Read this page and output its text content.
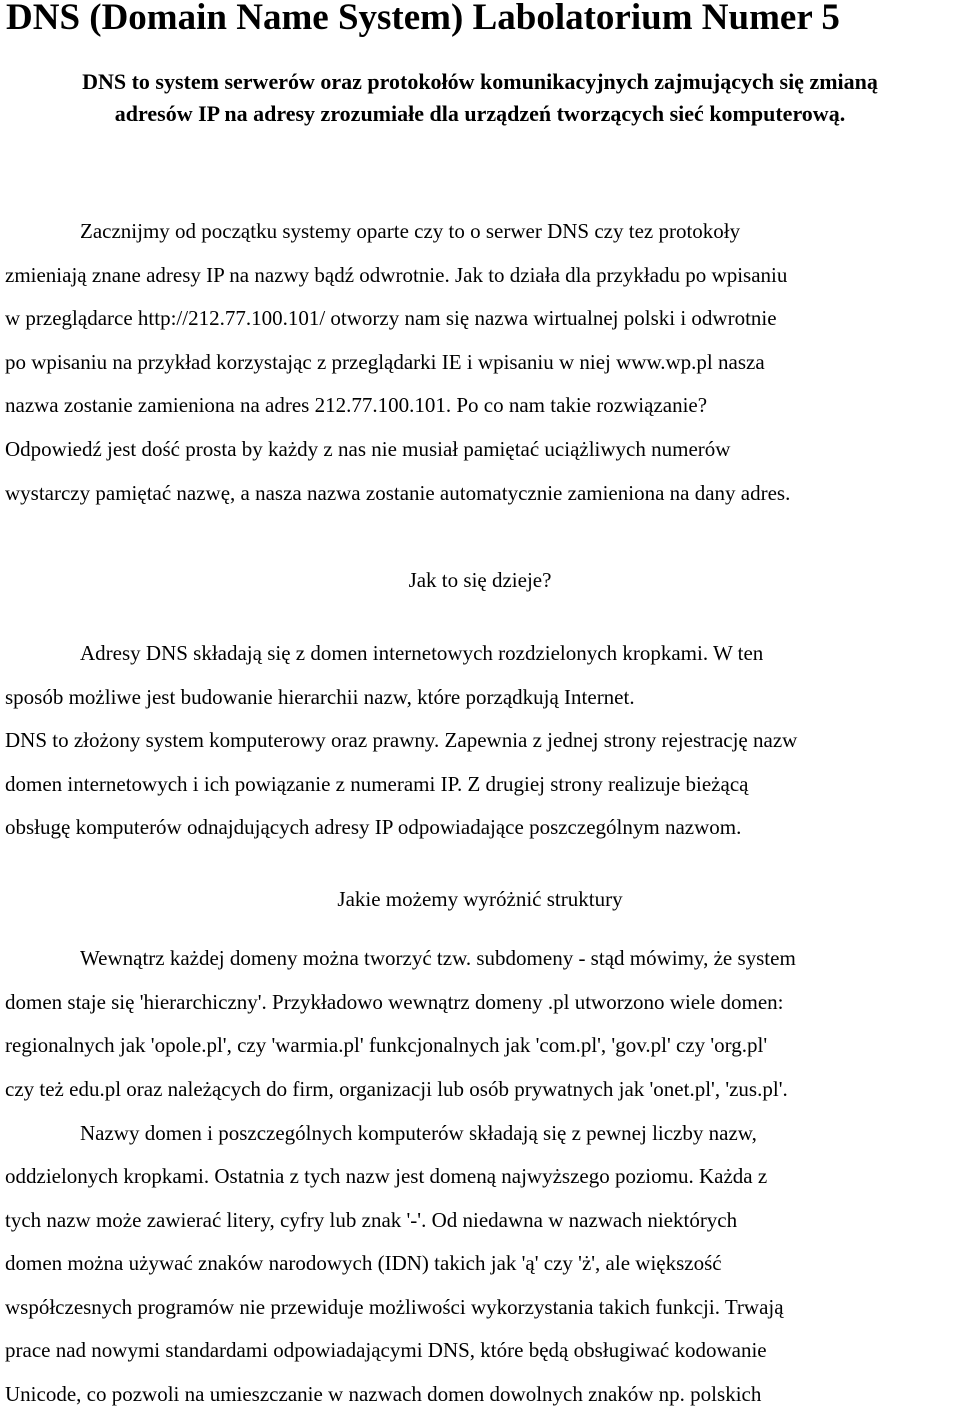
DNS (Domain Name System) Labolatorium Numer 5
DNS to system serwerów oraz protokołów komunikacyjnych zajmujących się zmianą
adresów IP na adresy zrozumiałe dla urządzeń tworzących sieć komputerową.
Zacznijmy od początku systemy oparte czy to o serwer DNS czy tez protokoły
zmieniają znane adresy IP na nazwy bądź odwrotnie. Jak to działa dla przykładu po wpisaniu
w przeglądarce http://212.77.100.101/ otworzy nam się nazwa wirtualnej polski i odwrotnie
po wpisaniu na przykład korzystając z przeglądarki IE i wpisaniu w niej www.wp.pl nasza
nazwa zostanie zamieniona na adres 212.77.100.101. Po co nam takie rozwiązanie?
Odpowiedź jest dość prosta by każdy z nas nie musiał pamiętać uciążliwych numerów
wystarczy pamiętać nazwę, a nasza nazwa zostanie automatycznie zamieniona na dany adres.
Jak to się dzieje?
Adresy DNS składają się z domen internetowych rozdzielonych kropkami. W ten
sposób możliwe jest budowanie hierarchii nazw, które porządkują Internet.
DNS to złożony system komputerowy oraz prawny. Zapewnia z jednej strony rejestrację nazw
domen internetowych i ich powiązanie z numerami IP. Z drugiej strony realizuje bieżącą
obsługę komputerów odnajdujących adresy IP odpowiadające poszczególnym nazwom.
Jakie możemy wyróżnić struktury
Wewnątrz każdej domeny można tworzyć tzw. subdomeny - stąd mówimy, że system
domen staje się 'hierarchiczny'. Przykładowo wewnątrz domeny .pl utworzono wiele domen:
regionalnych jak 'opole.pl', czy 'warmia.pl' funkcjonalnych jak 'com.pl', 'gov.pl' czy 'org.pl'
czy też edu.pl oraz należących do firm, organizacji lub osób prywatnych jak 'onet.pl', 'zus.pl'.
Nazwy domen i poszczególnych komputerów składają się z pewnej liczby nazw,
oddzielonych kropkami. Ostatnia z tych nazw jest domeną najwyższego poziomu. Każda z
tych nazw może zawierać litery, cyfry lub znak '-'. Od niedawna w nazwach niektórych
domen można używać znaków narodowych (IDN) takich jak 'ą' czy 'ż', ale większość
współczesnych programów nie przewiduje możliwości wykorzystania takich funkcji. Trwają
prace nad nowymi standardami odpowiadającymi DNS, które będą obsługiwać kodowanie
Unicode, co pozwoli na umieszczanie w nazwach domen dowolnych znaków np. polskich
